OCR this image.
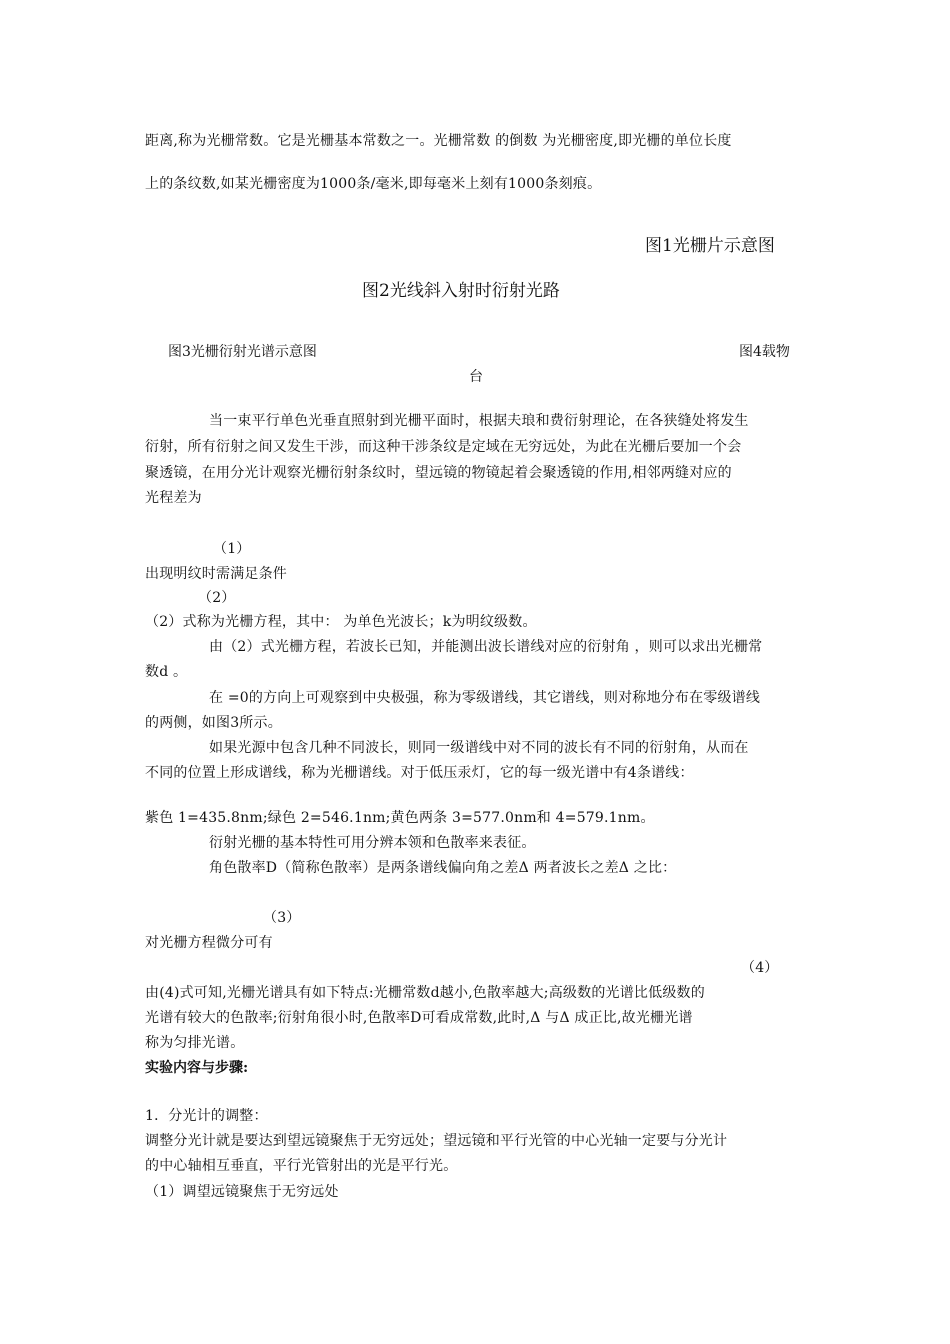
距离,称为光栅常数。它是光栅基本常数之一。光栅常数 的倒数 为光栅密度,即光栅的单位长度

上的条纹数,如某光栅密度为1000条/毫米,即每毫米上刻有1000条刻痕。

图1光栅片示意图

图2光线斜入射时衍射光路

图3光栅衍射光谱示意图	图4载物

台

当一束平行单色光垂直照射到光栅平面时，根据夫琅和费衍射理论，在各狭缝处将发生

衍射，所有衍射之间又发生干涉，而这种干涉条纹是定域在无穷远处，为此在光栅后要加一个会

聚透镜，在用分光计观察光栅衍射条纹时，望远镜的物镜起着会聚透镜的作用,相邻两缝对应的

光程差为

（1）

出现明纹时需满足条件

（2）

（2）式称为光栅方程，其中： 为单色光波长；k为明纹级数。

由（2）式光栅方程，若波长已知，并能测出波长谱线对应的衍射角 ，则可以求出光栅常

数d 。

在 =0的方向上可观察到中央极强，称为零级谱线，其它谱线，则对称地分布在零级谱线

的两侧，如图3所示。

如果光源中包含几种不同波长，则同一级谱线中对不同的波长有不同的衍射角，从而在

不同的位置上形成谱线，称为光栅谱线。对于低压汞灯，它的每一级光谱中有4条谱线：

紫色 1=435.8nm;绿色 2=546.1nm;黄色两条 3=577.0nm和 4=579.1nm。

衍射光栅的基本特性可用分辨本领和色散率来表征。

角色散率D（简称色散率）是两条谱线偏向角之差Δ 两者波长之差Δ 之比：

（3）

对光栅方程微分可有

（4）

由(4)式可知,光栅光谱具有如下特点:光栅常数d越小,色散率越大;高级数的光谱比低级数的

光谱有较大的色散率;衍射角很小时,色散率D可看成常数,此时,Δ 与Δ 成正比,故光栅光谱

称为匀排光谱。

实验内容与步骤:

1．分光计的调整：

调整分光计就是要达到望远镜聚焦于无穷远处；望远镜和平行光管的中心光轴一定要与分光计

的中心轴相互垂直，平行光管射出的光是平行光。

（1）调望远镜聚焦于无穷远处
